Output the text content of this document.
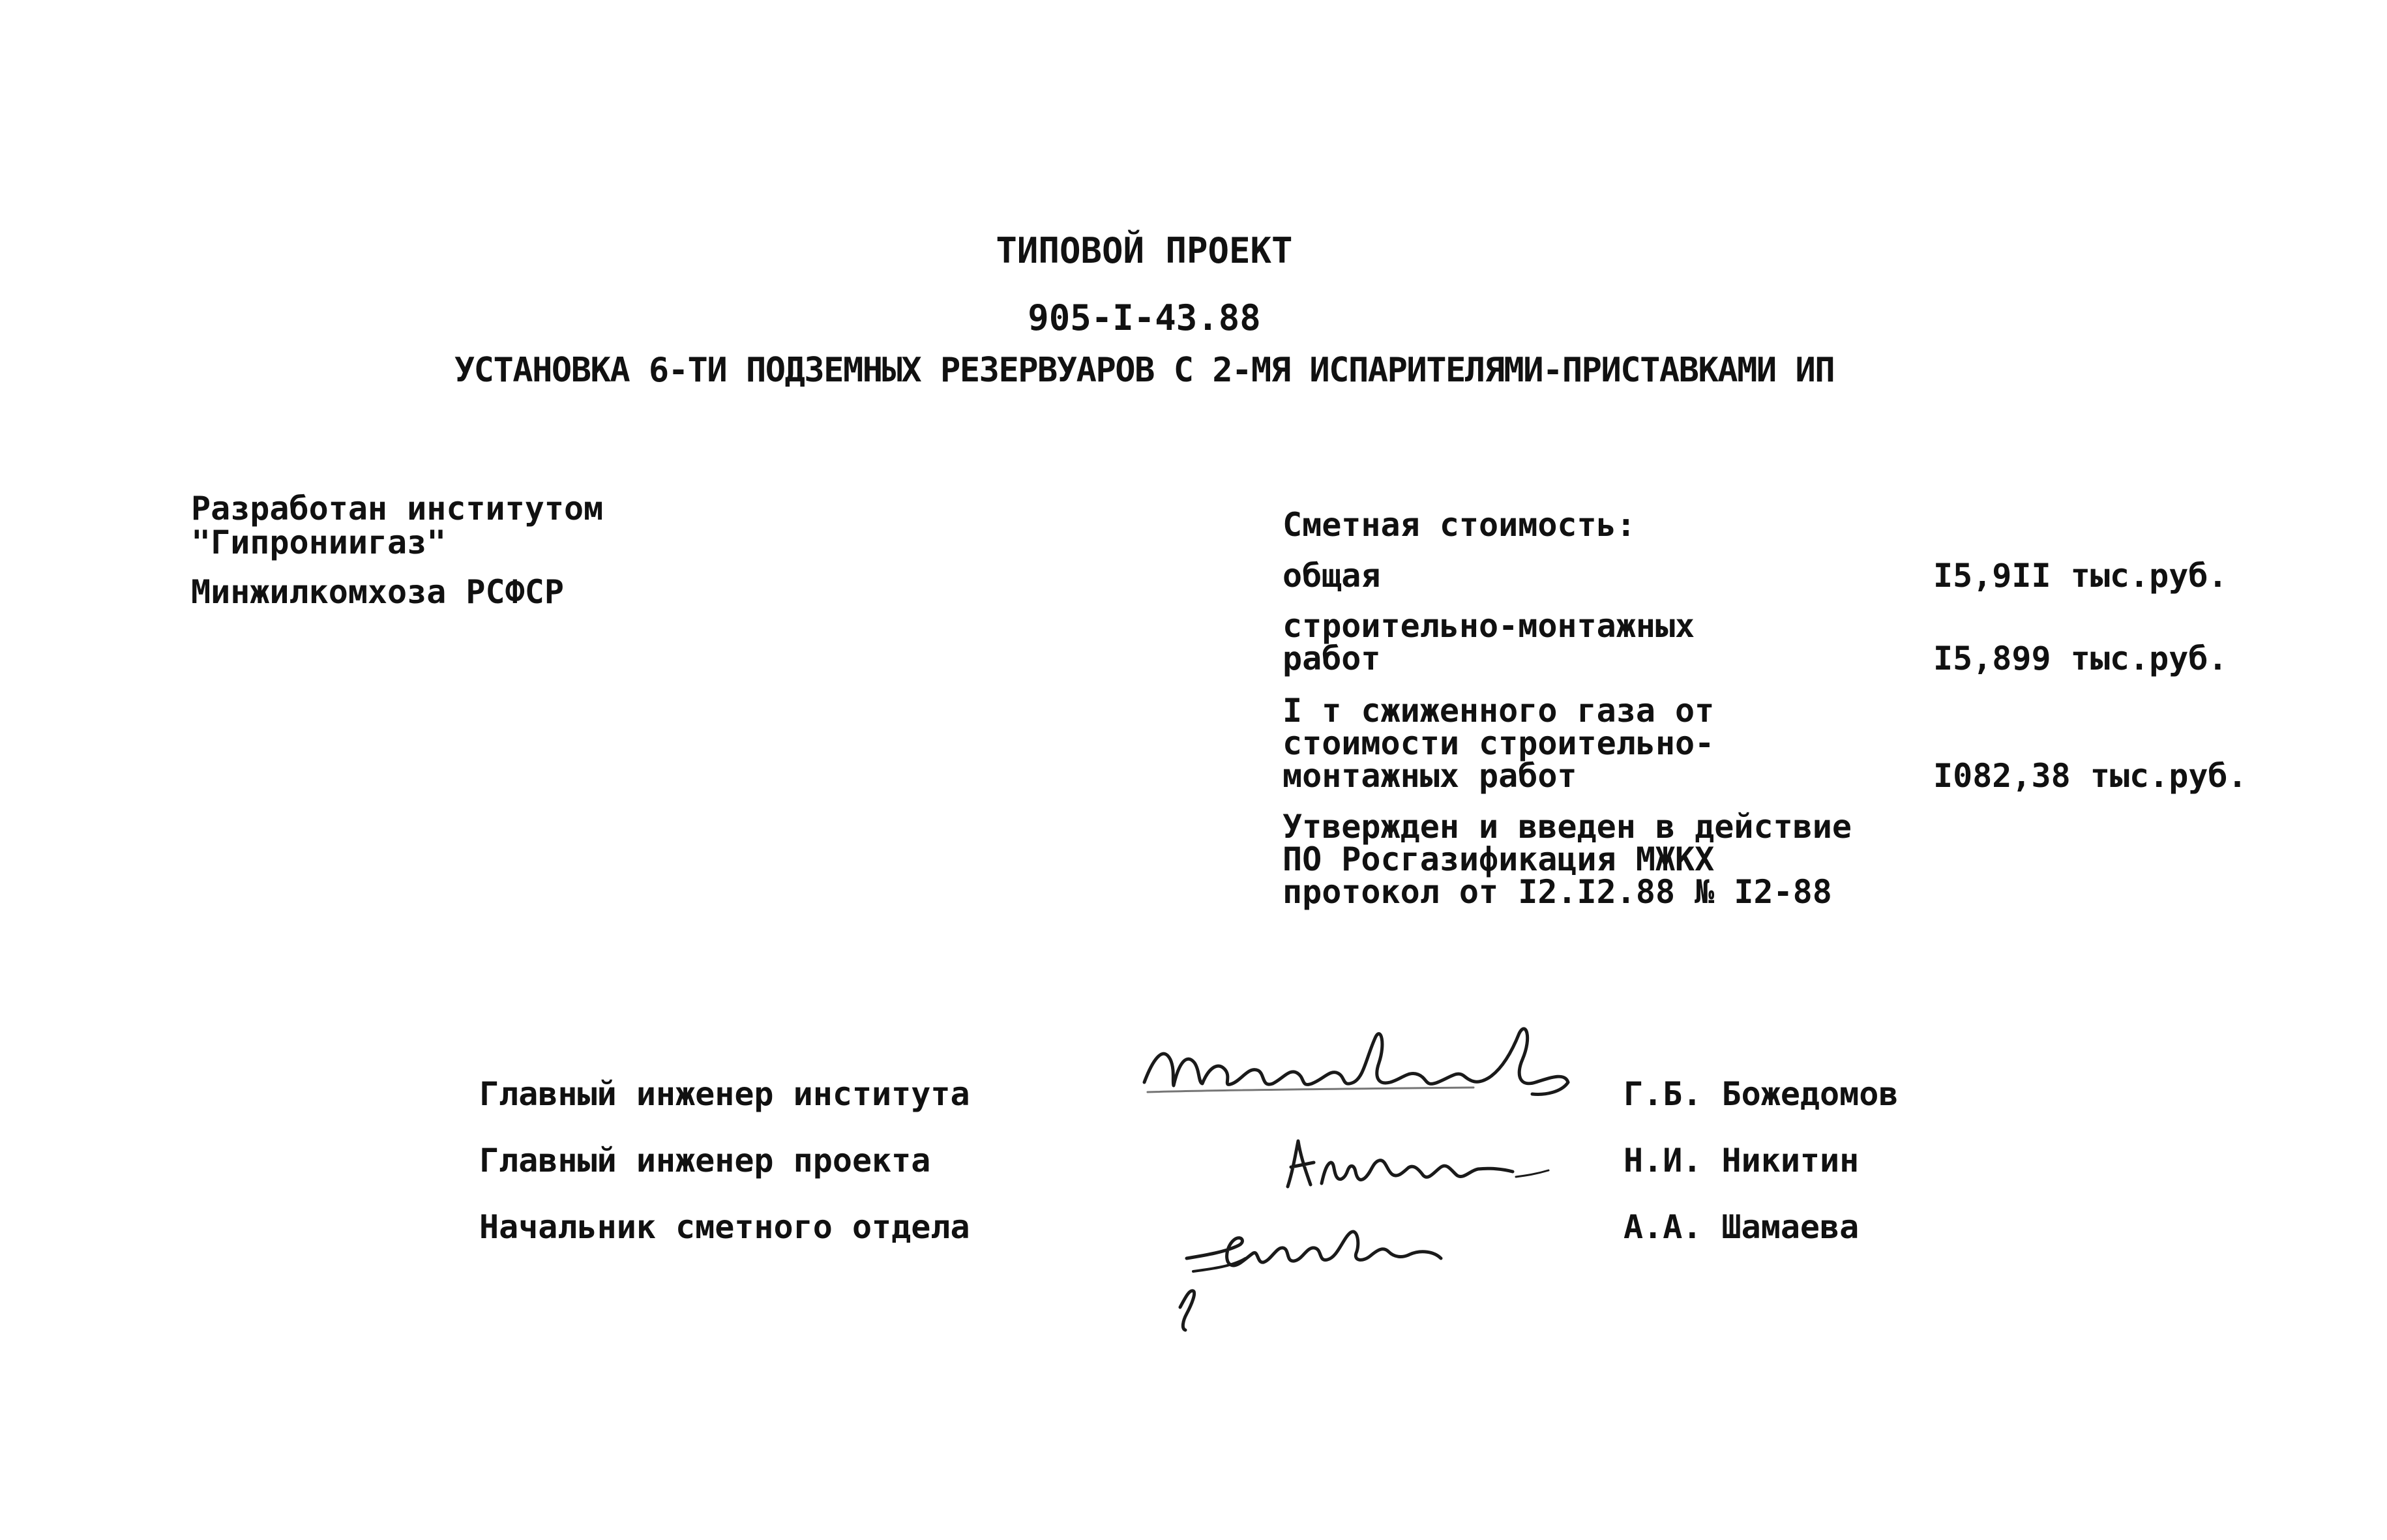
ТИПОВОЙ ПРОЕКТ
905-I-43.88
УСТАНОВКА 6-ТИ ПОДЗЕМНЫХ РЕЗЕРВУАРОВ С 2-МЯ ИСПАРИТЕЛЯМИ-ПРИСТАВКАМИ ИП
Разработан институтом
"Гипрониигаз"
Минжилкомхоза РСФСР
Сметная стоимость:
общая	I5,9II тыс.руб.
строительно-монтажных
работ	I5,899 тыс.руб.
I т сжиженного газа от
стоимости строительно-
монтажных работ	I082,38 тыс.руб.
Утвержден и введен в действие
ПО Росгазификация МЖКХ
протокол от I2.I2.88 № I2-88
Главный инженер института	Г.Б. Божедомов
Главный инженер проекта	Н.И. Никитин
Начальник сметного отдела	А.А. Шамаева
